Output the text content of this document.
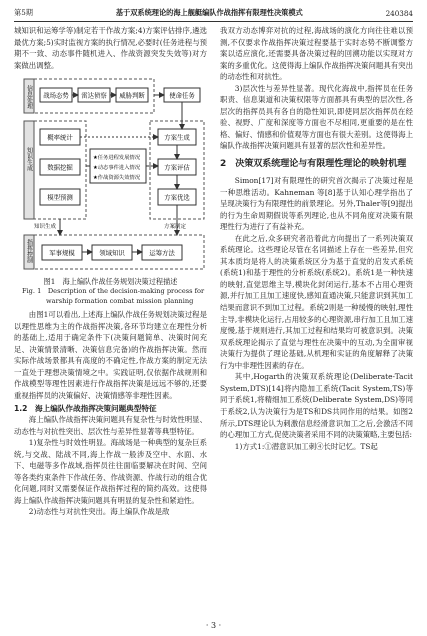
第5期	基于双系统理论的海上舰艇编队作战指挥有限理性决策模式	240384

城知识和运筹学等)制定若干作战方案;4)方案评估排序,遴选最优方案;5)实时监视方案的执行情况,必要时(任务进程与预期不一致、动态事件随机进入、作战资源突发失效等)对方案做出调整。

信息处理 战场态势 雷达侦察 威胁判断	使命任务
知识生成
概率统计
数据挖掘
模型预测
★任务进程发展情况
★动态事件进入情况
★作战资源失效情况
方案生成
方案评估
方案优选
知识生成	方案制定
指挥控制	军事规模	领域知识	运筹方法
图1　海上编队作战任务规划决策过程描述
Fig. 1　Description of the decision-making process for
warship formation combat mission planning

由图1可以看出,上述海上编队作战任务规划决策过程是以理性思维为主的作战指挥决策,各环节均建立在理性分析的基础上,适用于确定条件下(决策问题简单、决策时间充足、决策情景清晰、决策信息完备)的作战指挥决策。然而实际作战场景都具有高度的不确定性,作战方案的制定无法一直处于理想决策情境之中。实践证明,仅依据作战规则和作战模型等理性因素进行作战指挥决策是远远不够的,还要重视指挥员的决策偏好、决策情感等非理性因素。

1.2　海上编队作战指挥决策问题典型特征

海上编队作战指挥决策问题具有复杂性与时效性明显、动态性与对抗性突出、层次性与差异性显著等典型特征。

1)复杂性与时效性明显。海战场是一种典型的复杂巨系统,与交战、陆战不同,海上作战一般涉及空中、水面、水下、电磁等多作战域,指挥员往往面临要解决在时间、空间等各类约束条件下作战任务、作战资源、作战行动的组合优化问题,同时又需要保证作战指挥过程的简约高效。这使得海上编队作战指挥决策问题具有明显的复杂性和紧迫性。

2)动态性与对抗性突出。海上编队作战是敌

我双方动态博弈对抗的过程,海战场的演化方向往往难以预测,不仅要求作战指挥决策过程要基于实时态势不断调整方案以适应演化,还需要具备决策过程的回溯功能以实现对方案的多重优化。这使得海上编队作战指挥决策问题具有突出的动态性和对抗性。

3)层次性与差异性显著。现代化海战中,指挥员在任务职责、信息渠道和决策权限等方面都具有典型的层次性,各层次的指挥员具有各自的隐性知识,即使同层次指挥员在经验、视野、广度和深度等方面也不尽相同,更重要的是在性格、偏好、情感和价值观等方面也有很大差别。这使得海上编队作战指挥决策问题具有显著的层次性和差异性。

2　决策双系统理论与有限理性理论的映射机理

Simon[17]对有限理性的研究首次揭示了决策过程是一种思维活动。Kahneman 等[8]基于认知心理学指出了呈现决策行为有限理性的前景理论。另外,Thaler等[9]提出的行为生命周期假说等系列理论,也从不同角度对决策有限理性行为进行了有益补充。

在此之后,众多研究者沿着此方向提出了一系列决策双系统理论。这些理论尽管在名词描述上存在一些差异,但究其本质均是将人的决策系统区分为基于直觉的启发式系统(系统1)和基于理性的分析系统(系统2)。系统1是一种快速的映射,直觉思维主导,模块化封闭运行,基本不占用心理资源,并行加工且加工速度快,感知直通决策,只能意识到其加工结果而意识不到加工过程。系统2则是一种缓慢的映射,理性主导,非模块化运行,占用较多的心理资源,串行加工且加工速度慢,基于规则进行,其加工过程和结果均可被意识到。决策双系统理论揭示了直觉与理性在决策中的互动,为全面审视决策行为提供了理论基础,从机理和实证的角度解释了决策行为中非理性因素的存在。

其中,Hogarth的决策双系统理论(Deliberate-Tacit System,DTS)[14]将内隐加工系统(Tacit System,TS)等同于系统1,将精细加工系统(Deliberate System,DS)等同于系统2,认为决策行为是TS和DS共同作用的结果。如图2所示,DTS理论认为刺激信息经滑意识加工之后,会激活不同的心理加工方式,促使决策者采用不同的决策策略,主要包括:

1)方式1:①潜意识加工刺④长时记忆。TS起

· 3 ·
